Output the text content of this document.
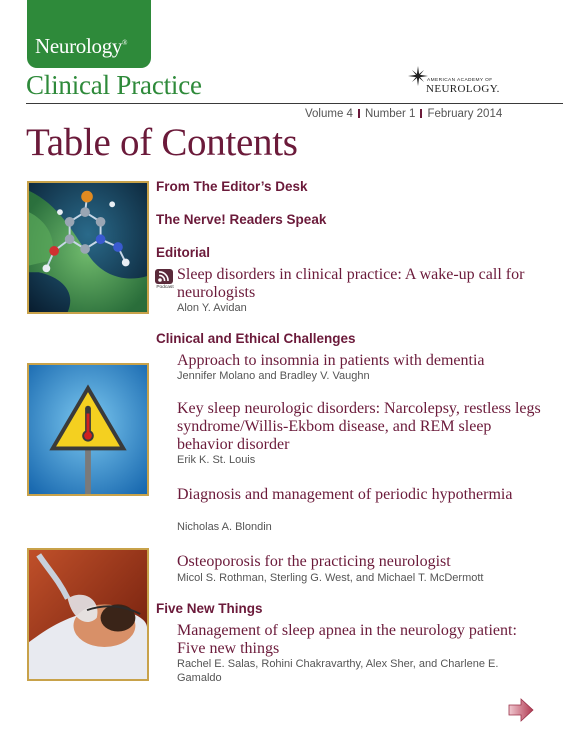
Neurology®
Clinical Practice	AMERICAN ACADEMY OF
NEUROLOGY.
Volume 4 Number 1 February 2014
Table of Contents
From The Editor’s Desk
The Nerve! Readers Speak
Editorial
Podcast
Sleep disorders in clinical practice: A wake-up call for neurologists
Alon Y. Avidan
Clinical and Ethical Challenges
Approach to insomnia in patients with dementia
Jennifer Molano and Bradley V. Vaughn
Key sleep neurologic disorders: Narcolepsy, restless legs syndrome/Willis-Ekbom disease, and REM sleep behavior disorder
Erik K. St. Louis
Diagnosis and management of periodic hypothermia
Nicholas A. Blondin
Osteoporosis for the practicing neurologist
Micol S. Rothman, Sterling G. West, and Michael T. McDermott
Five New Things
Management of sleep apnea in the neurology patient: Five new things
Rachel E. Salas, Rohini Chakravarthy, Alex Sher, and Charlene E. Gamaldo
